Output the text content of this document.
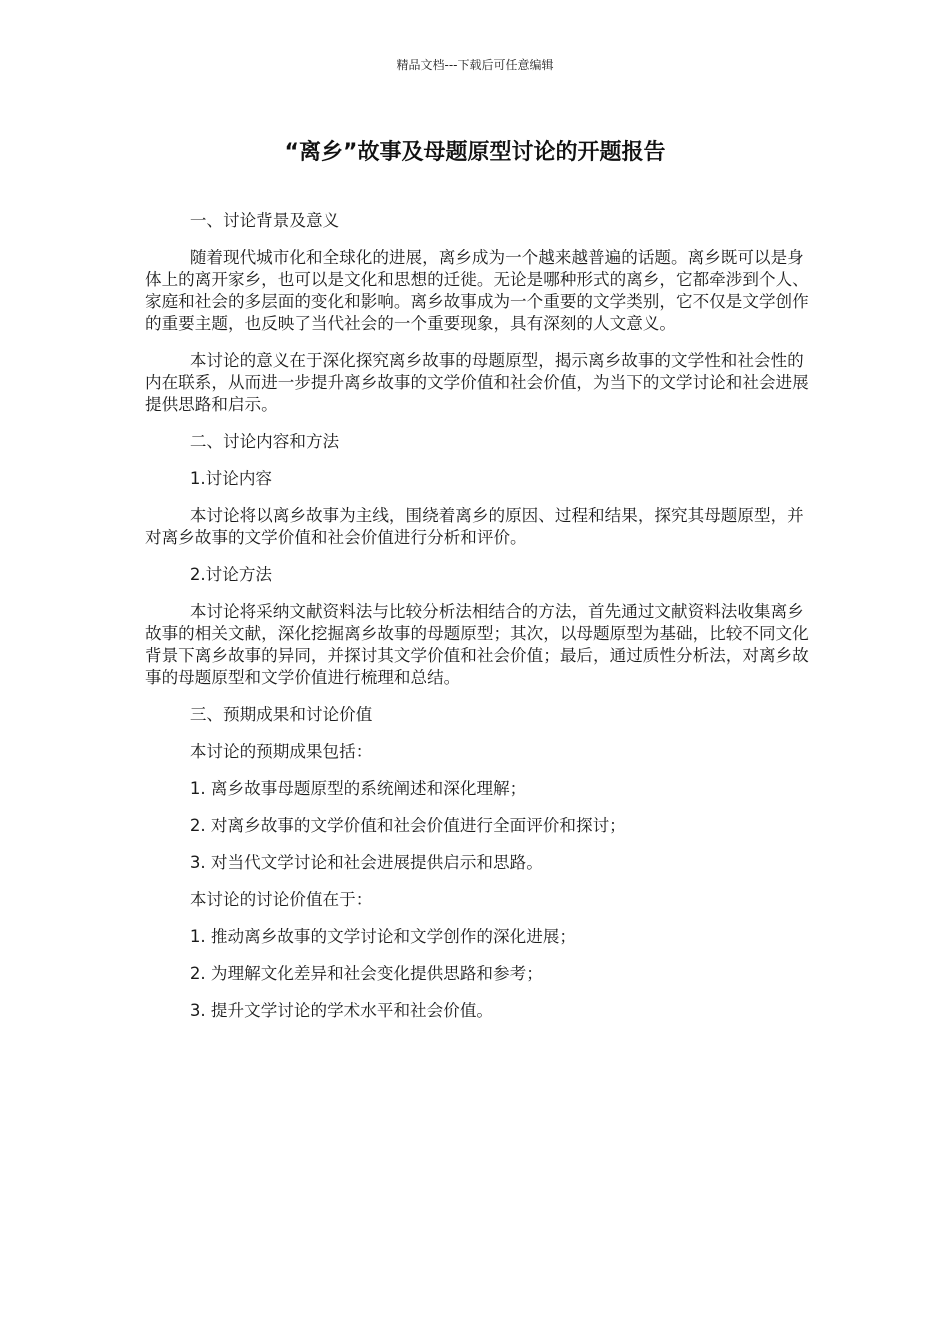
精品文档---下载后可任意编辑
“离乡”故事及母题原型讨论的开题报告

一、讨论背景及意义

随着现代城市化和全球化的进展，离乡成为一个越来越普遍的话题。离乡既可以是身体上的离开家乡，也可以是文化和思想的迁徙。无论是哪种形式的离乡，它都牵涉到个人、家庭和社会的多层面的变化和影响。离乡故事成为一个重要的文学类别，它不仅是文学创作的重要主题，也反映了当代社会的一个重要现象，具有深刻的人文意义。

本讨论的意义在于深化探究离乡故事的母题原型，揭示离乡故事的文学性和社会性的内在联系，从而进一步提升离乡故事的文学价值和社会价值，为当下的文学讨论和社会进展提供思路和启示。

二、讨论内容和方法

1.讨论内容

本讨论将以离乡故事为主线，围绕着离乡的原因、过程和结果，探究其母题原型，并对离乡故事的文学价值和社会价值进行分析和评价。

2.讨论方法

本讨论将采纳文献资料法与比较分析法相结合的方法，首先通过文献资料法收集离乡故事的相关文献，深化挖掘离乡故事的母题原型；其次，以母题原型为基础，比较不同文化背景下离乡故事的异同，并探讨其文学价值和社会价值；最后，通过质性分析法，对离乡故事的母题原型和文学价值进行梳理和总结。

三、预期成果和讨论价值

本讨论的预期成果包括：

1. 离乡故事母题原型的系统阐述和深化理解；

2. 对离乡故事的文学价值和社会价值进行全面评价和探讨；

3. 对当代文学讨论和社会进展提供启示和思路。

本讨论的讨论价值在于：

1. 推动离乡故事的文学讨论和文学创作的深化进展；

2. 为理解文化差异和社会变化提供思路和参考；

3. 提升文学讨论的学术水平和社会价值。
